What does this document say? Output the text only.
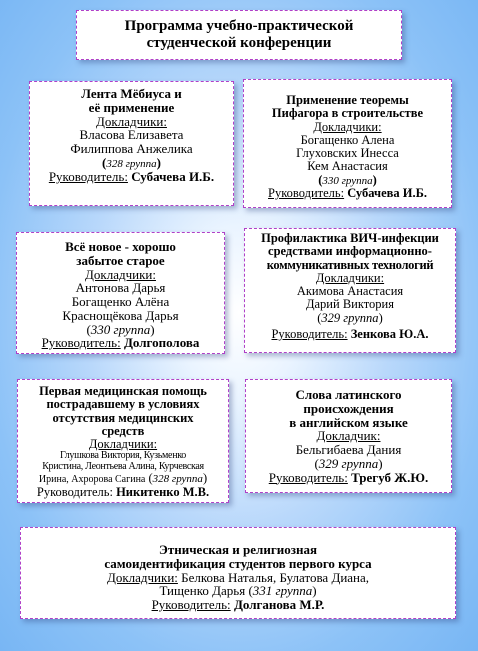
Программа учебно-практической
студенческой конференции
Лента Мёбиуса и
её применение
Докладчики:
Власова Елизавета
Филиппова Анжелика
(328 группа)
Руководитель: Субачева И.Б.
Применение теоремы
Пифагора в строительстве
Докладчики:
Богащенко Алена
Глуховских Инесса
Кем Анастасия
(330 группа)
Руководитель: Субачева И.Б.
Всё новое - хорошо
забытое старое
Докладчики:
Антонова Дарья
Богащенко Алёна
Краснощёкова Дарья
(330 группа)
Руководитель: Долгополова
Профилактика ВИЧ-инфекции
средствами информационно-
коммуникативных технологий
Докладчики:
Акимова Анастасия
Дарий Виктория
(329 группа)
Руководитель: Зенкова Ю.А.
Первая медицинская помощь
пострадавшему в условиях
отсутствия медицинских
средств
Докладчики:
Глушкова Виктория, Кузьменко
Кристина, Леонтьева Алина, Курчевская
Ирина, Ахророва Сагина (328 группа)
Руководитель: Никитенко М.В.
Слова латинского
происхождения
в английском языке
Докладчик:
Бельгибаева Дания
(329 группа)
Руководитель: Трегуб Ж.Ю.
Этническая и религиозная
самоидентификация студентов первого курса
Докладчики: Белкова Наталья, Булатова Диана,
Тищенко Дарья (331 группа)
Руководитель: Долганова М.Р.
